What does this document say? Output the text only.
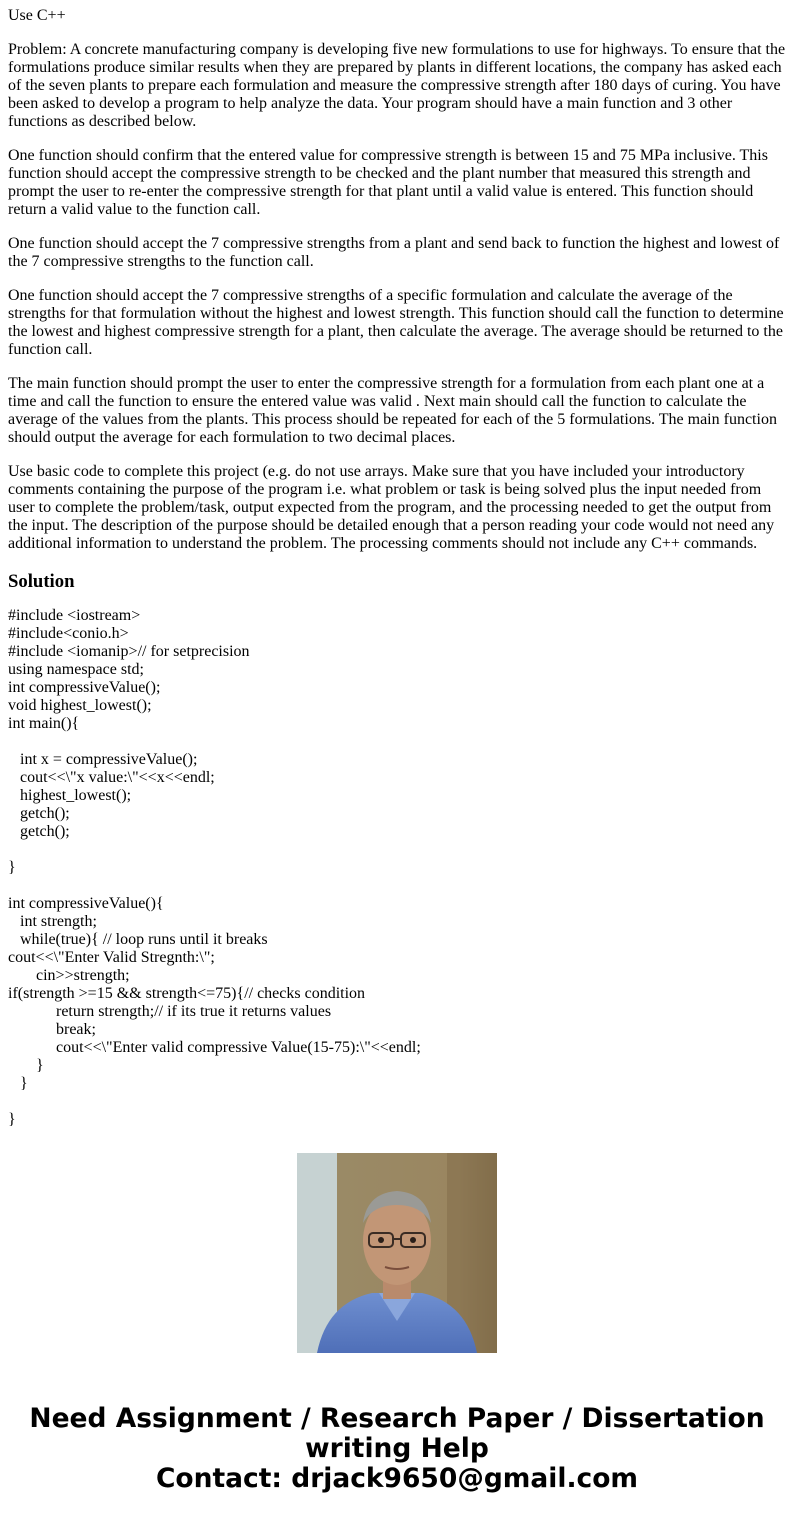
Use C++

Problem: A concrete manufacturing company is developing five new formulations to use for highways. To ensure that the formulations produce similar results when they are prepared by plants in different locations, the company has asked each of the seven plants to prepare each formulation and measure the compressive strength after 180 days of curing. You have been asked to develop a program to help analyze the data. Your program should have a main function and 3 other functions as described below.

One function should confirm that the entered value for compressive strength is between 15 and 75 MPa inclusive. This function should accept the compressive strength to be checked and the plant number that measured this strength and prompt the user to re-enter the compressive strength for that plant until a valid value is entered. This function should return a valid value to the function call.

One function should accept the 7 compressive strengths from a plant and send back to function the highest and lowest of the 7 compressive strengths to the function call.

One function should accept the 7 compressive strengths of a specific formulation and calculate the average of the strengths for that formulation without the highest and lowest strength. This function should call the function to determine the lowest and highest compressive strength for a plant, then calculate the average. The average should be returned to the function call.

The main function should prompt the user to enter the compressive strength for a formulation from each plant one at a time and call the function to ensure the entered value was valid . Next main should call the function to calculate the average of the values from the plants. This process should be repeated for each of the 5 formulations. The main function should output the average for each formulation to two decimal places.

Use basic code to complete this project (e.g. do not use arrays. Make sure that you have included your introductory comments containing the purpose of the program i.e. what problem or task is being solved plus the input needed from user to complete the problem/task, output expected from the program, and the processing needed to get the output from the input. The description of the purpose should be detailed enough that a person reading your code would not need any additional information to understand the problem. The processing comments should not include any C++ commands.

Solution
#include <iostream>
#include<conio.h>
#include <iomanip>// for setprecision
using namespace std;
int compressiveValue();
void highest_lowest();
int main(){
int x = compressiveValue();
cout<<\"x value:\"<<x<<endl;
highest_lowest();
getch();
getch();
}
int compressiveValue(){
int strength;
while(true){ // loop runs until it breaks
cout<<\"Enter Valid Stregnth:\";
cin>>strength;
if(strength >=15 && strength<=75){// checks condition
return strength;// if its true it returns values
break;
cout<<\"Enter valid compressive Value(15-75):\"<<endl;
}
}
}
Need Assignment / Research Paper / Dissertation
writing Help
Contact: drjack9650@gmail.com
